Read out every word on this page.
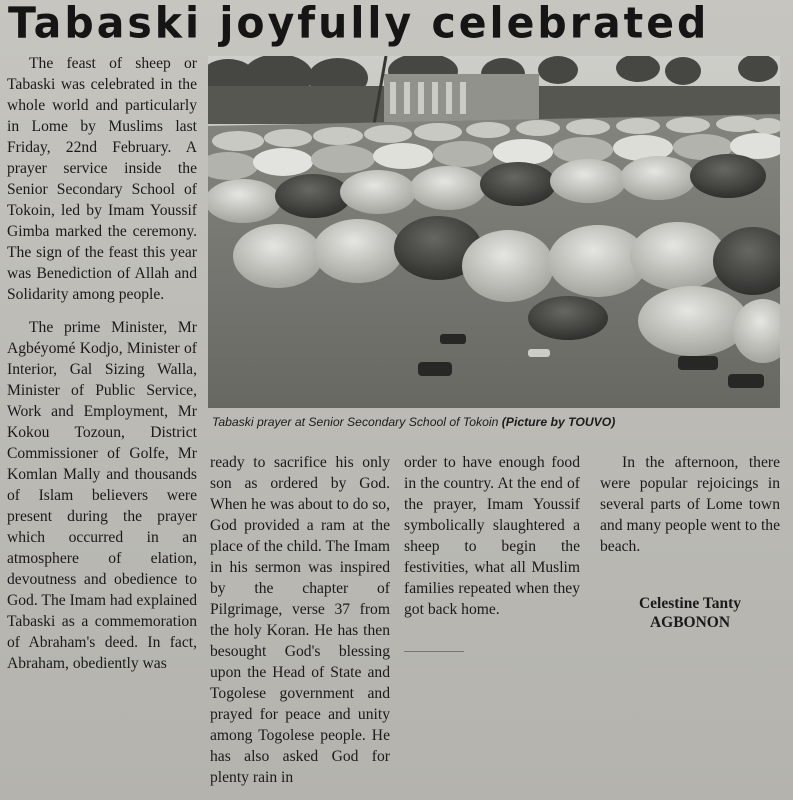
Tabaski joyfully celebrated

The feast of sheep or Tabaski was celebrated in the whole world and particularly in Lome by Muslims last Friday, 22nd February. A prayer service inside the Senior Secondary School of Tokoin, led by Imam Youssif Gimba marked the ceremony. The sign of the feast this year was Benediction of Allah and Solidarity among people.

The prime Minister, Mr Agbéyomé Kodjo, Minister of Interior, Gal Sizing Walla, Minister of Public Service, Work and Employment, Mr Kokou Tozoun, District Commissioner of Golfe, Mr Komlan Mally and thousands of Islam believers were present during the prayer which occurred in an atmosphere of elation, devoutness and obedience to God. The Imam had explained Tabaski as a commemoration of Abraham's deed. In fact, Abraham, obediently was

Tabaski prayer at Senior Secondary School of Tokoin (Picture by TOUVO)

ready to sacrifice his only son as ordered by God. When he was about to do so, God provided a ram at the place of the child. The Imam in his sermon was inspired by the chapter of Pilgrimage, verse 37 from the holy Koran. He has then besought God's blessing upon the Head of State and Togolese government and prayed for peace and unity among Togolese people. He has also asked God for plenty rain in

order to have enough food in the country. At the end of the prayer, Imam Youssif symbolically slaughtered a sheep to begin the festivities, what all Muslim families repeated when they got back home.

In the afternoon, there were popular rejoicings in several parts of Lome town and many people went to the beach.

Celestine Tanty
AGBONON
